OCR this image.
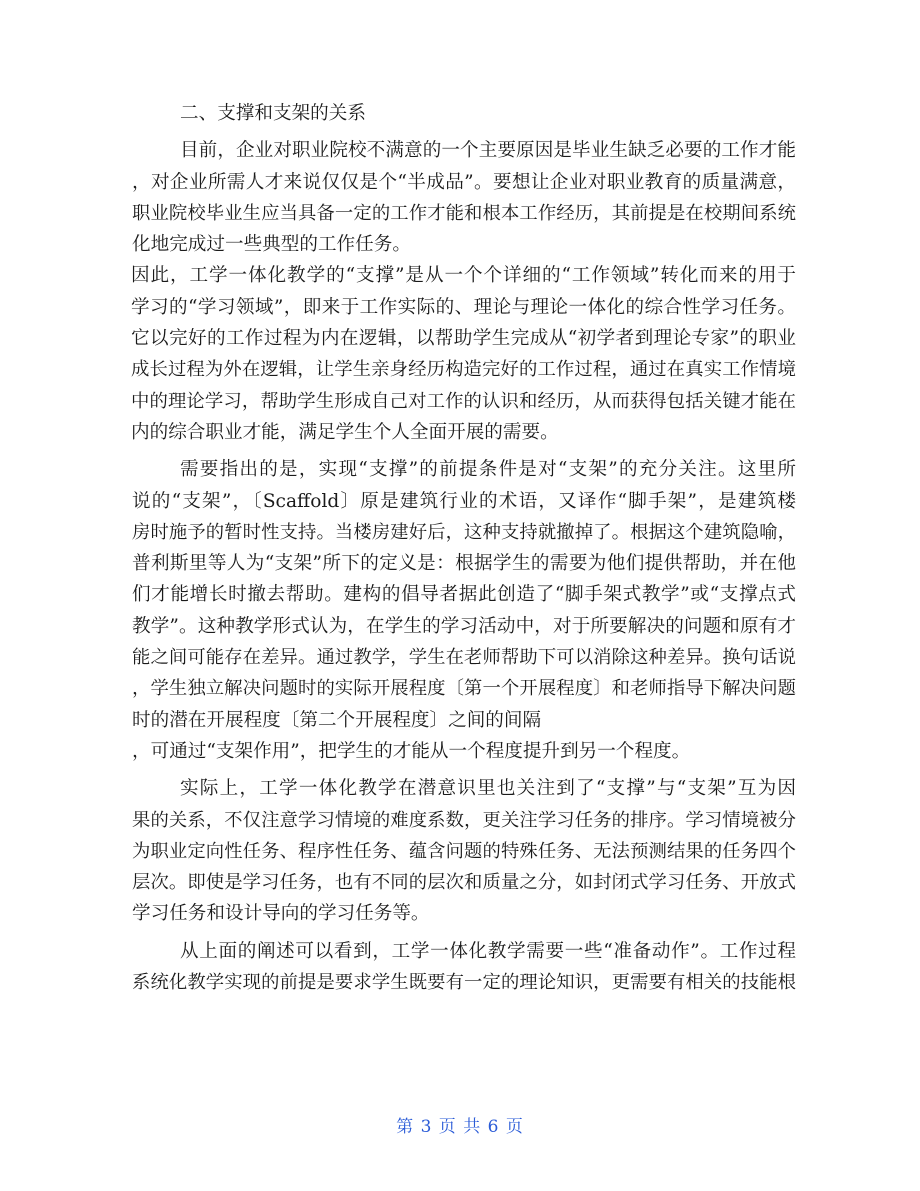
二、支撑和支架的关系
目前，企业对职业院校不满意的一个主要原因是毕业生缺乏必要的工作才能
，对企业所需人才来说仅仅是个“半成品”。要想让企业对职业教育的质量满意，
职业院校毕业生应当具备一定的工作才能和根本工作经历，其前提是在校期间系统
化地完成过一些典型的工作任务。
因此，工学一体化教学的“支撑”是从一个个详细的“工作领域”转化而来的用于
学习的“学习领域”，即来于工作实际的、理论与理论一体化的综合性学习任务。
它以完好的工作过程为内在逻辑，以帮助学生完成从“初学者到理论专家”的职业
成长过程为外在逻辑，让学生亲身经历构造完好的工作过程，通过在真实工作情境
中的理论学习，帮助学生形成自己对工作的认识和经历，从而获得包括关键才能在
内的综合职业才能，满足学生个人全面开展的需要。
需要指出的是，实现“支撑”的前提条件是对“支架”的充分关注。这里所
说的“支架”，〔Scaffold〕原是建筑行业的术语，又译作“脚手架”，是建筑楼
房时施予的暂时性支持。当楼房建好后，这种支持就撤掉了。根据这个建筑隐喻，
普利斯里等人为“支架”所下的定义是：根据学生的需要为他们提供帮助，并在他
们才能增长时撤去帮助。建构的倡导者据此创造了“脚手架式教学”或“支撑点式
教学”。这种教学形式认为，在学生的学习活动中，对于所要解决的问题和原有才
能之间可能存在差异。通过教学，学生在老师帮助下可以消除这种差异。换句话说
，学生独立解决问题时的实际开展程度〔第一个开展程度〕和老师指导下解决问题
时的潜在开展程度〔第二个开展程度〕之间的间隔
，可通过“支架作用”，把学生的才能从一个程度提升到另一个程度。
实际上，工学一体化教学在潜意识里也关注到了“支撑”与“支架”互为因
果的关系，不仅注意学习情境的难度系数，更关注学习任务的排序。学习情境被分
为职业定向性任务、程序性任务、蕴含问题的特殊任务、无法预测结果的任务四个
层次。即使是学习任务，也有不同的层次和质量之分，如封闭式学习任务、开放式
学习任务和设计导向的学习任务等。
从上面的阐述可以看到，工学一体化教学需要一些“准备动作”。工作过程
系统化教学实现的前提是要求学生既要有一定的理论知识，更需要有相关的技能根
第 3 页 共 6 页
